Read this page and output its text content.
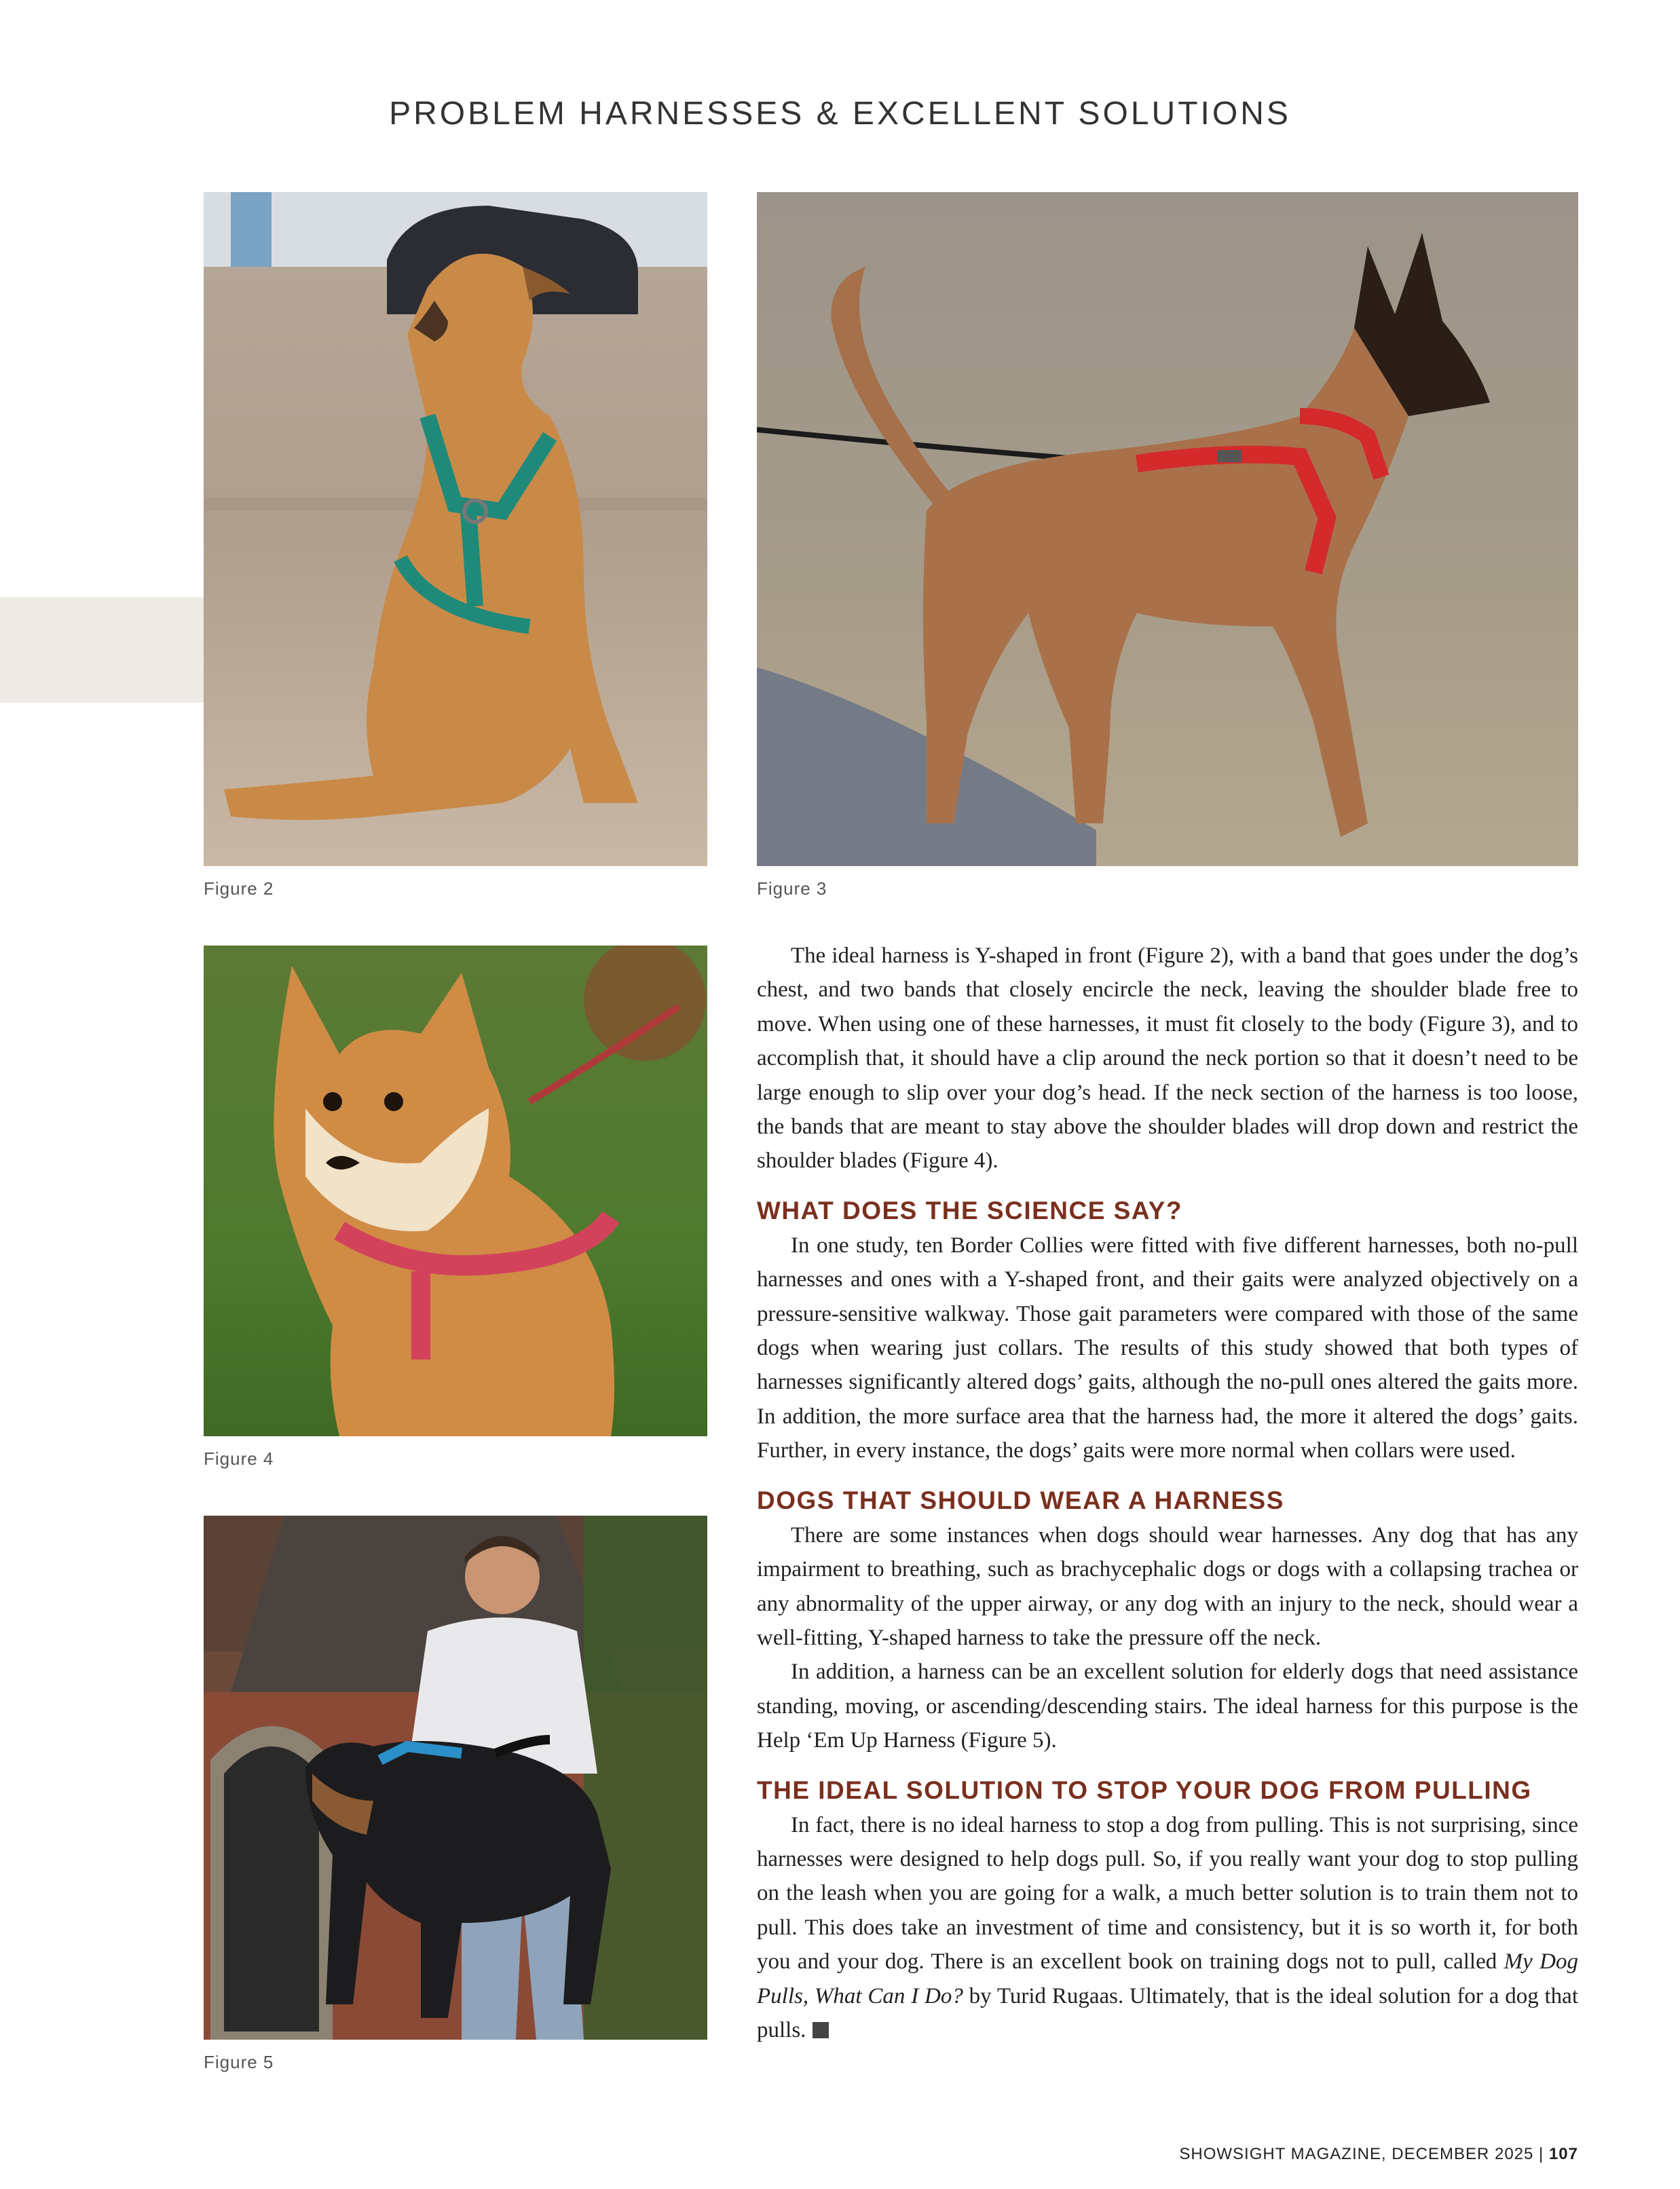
PROBLEM HARNESSES & EXCELLENT SOLUTIONS
Figure 2	Figure 3
Figure 4
Figure 5

The ideal harness is Y-shaped in front (Figure 2), with a band that goes under the dog’s chest, and two bands that closely encircle the neck, leaving the shoulder blade free to move. When using one of these harnesses, it must fit closely to the body (Figure 3), and to accomplish that, it should have a clip around the neck portion so that it doesn’t need to be large enough to slip over your dog’s head. If the neck section of the harness is too loose, the bands that are meant to stay above the shoulder blades will drop down and restrict the shoulder blades (Figure 4).

WHAT DOES THE SCIENCE SAY?

In one study, ten Border Collies were fitted with five different harnesses, both no-pull harnesses and ones with a Y-shaped front, and their gaits were analyzed objectively on a pressure-sensitive walkway. Those gait parameters were compared with those of the same dogs when wearing just collars. The results of this study showed that both types of harnesses significantly altered dogs’ gaits, although the no-pull ones altered the gaits more. In addition, the more surface area that the harness had, the more it altered the dogs’ gaits. Further, in every instance, the dogs’ gaits were more normal when collars were used.

DOGS THAT SHOULD WEAR A HARNESS

There are some instances when dogs should wear harnesses. Any dog that has any impairment to breathing, such as brachycephalic dogs or dogs with a collapsing trachea or any abnormality of the upper airway, or any dog with an injury to the neck, should wear a well-fitting, Y-shaped harness to take the pressure off the neck.

In addition, a harness can be an excellent solution for elderly dogs that need assistance standing, moving, or ascending/descending stairs. The ideal harness for this purpose is the Help ‘Em Up Harness (Figure 5).

THE IDEAL SOLUTION TO STOP YOUR DOG FROM PULLING

In fact, there is no ideal harness to stop a dog from pulling. This is not surprising, since harnesses were designed to help dogs pull. So, if you really want your dog to stop pulling on the leash when you are going for a walk, a much better solution is to train them not to pull. This does take an investment of time and consistency, but it is so worth it, for both you and your dog. There is an excellent book on training dogs not to pull, called My Dog Pulls, What Can I Do? by Turid Rugaas. Ultimately, that is the ideal solution for a dog that pulls.

SHOWSIGHT MAGAZINE, DECEMBER 2025 | 107
